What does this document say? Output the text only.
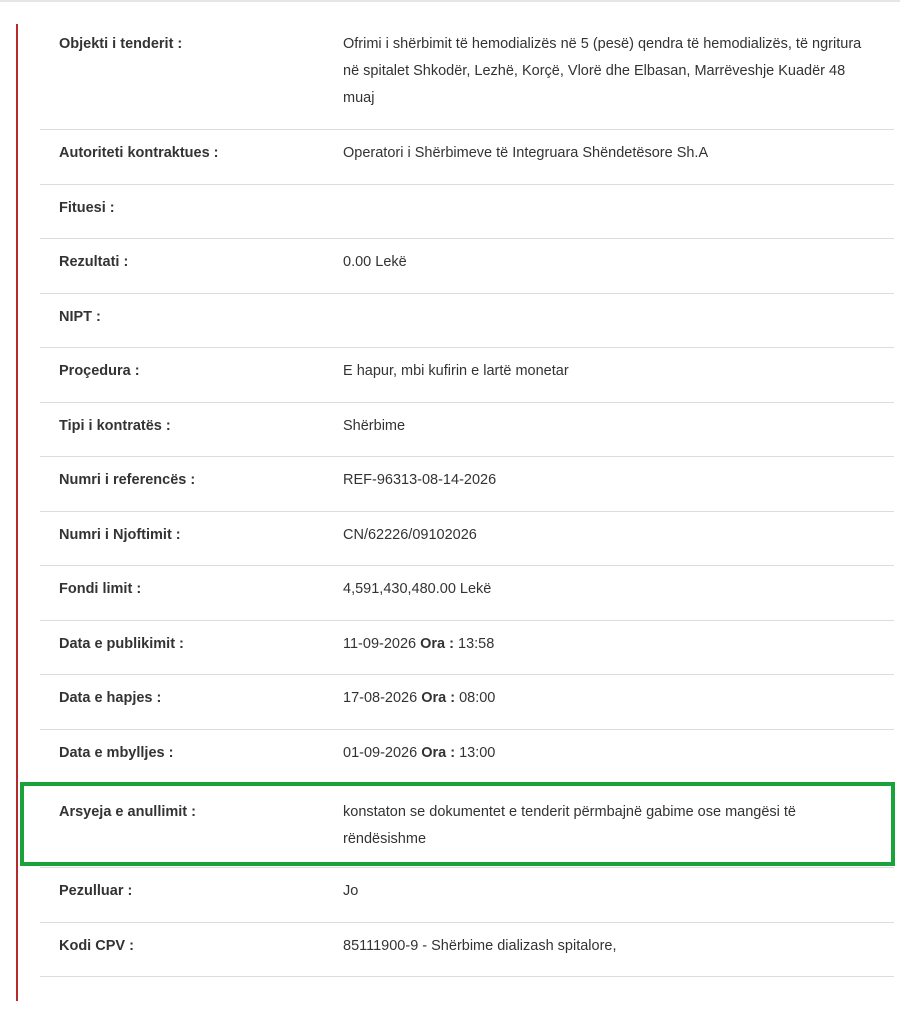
Objekti i tenderit :	Ofrimi i shërbimit të hemodializës në 5 (pesë) qendra të hemodializës, të ngritura në spitalet Shkodër, Lezhë, Korçë, Vlorë dhe Elbasan, Marrëveshje Kuadër 48 muaj
Autoriteti kontraktues :	Operatori i Shërbimeve të Integruara Shëndetësore Sh.A
Fituesi :
Rezultati :	0.00 Lekë
NIPT :
Proçedura :	E hapur, mbi kufirin e lartë monetar
Tipi i kontratës :	Shërbime
Numri i referencës :	REF-96313-08-14-2026
Numri i Njoftimit :	CN/62226/09102026
Fondi limit :	4,591,430,480.00 Lekë
Data e publikimit :	11-09-2026 Ora : 13:58
Data e hapjes :	17-08-2026 Ora : 08:00
Data e mbylljes :	01-09-2026 Ora : 13:00
Arsyeja e anullimit :	konstaton se dokumentet e tenderit përmbajnë gabime ose mangësi të rëndësishme
Pezulluar :	Jo
Kodi CPV :	85111900-9 - Shërbime dializash spitalore,
